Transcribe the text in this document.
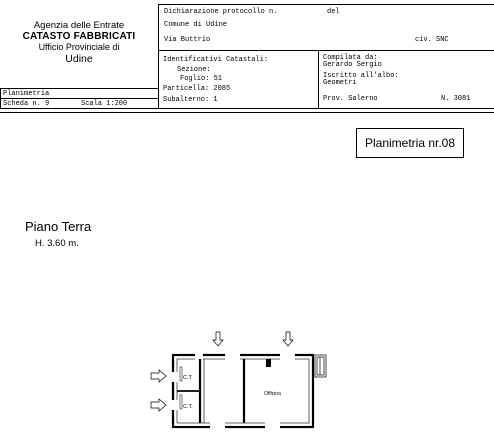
Agenzia delle Entrate
CATASTO FABBRICATI
Ufficio Provinciale di
Udine
Planimetria
Scheda n. 9	Scala 1:200
Dichiarazione protocollo n.	del
Comune di Udine
Via Buttrio	civ. SNC
Identificativi Catastali:
Sezione:
Foglio: 51
Particella: 2085
Subalterno: 1
Compilata da:
Gerardo Sergio
Iscritto all'albo:
Geometri
Prov. Salerno	N. 3081
Planimetria nr.08
Piano Terra
H. 3.60 m.
C.T.
C.T.
Officina
